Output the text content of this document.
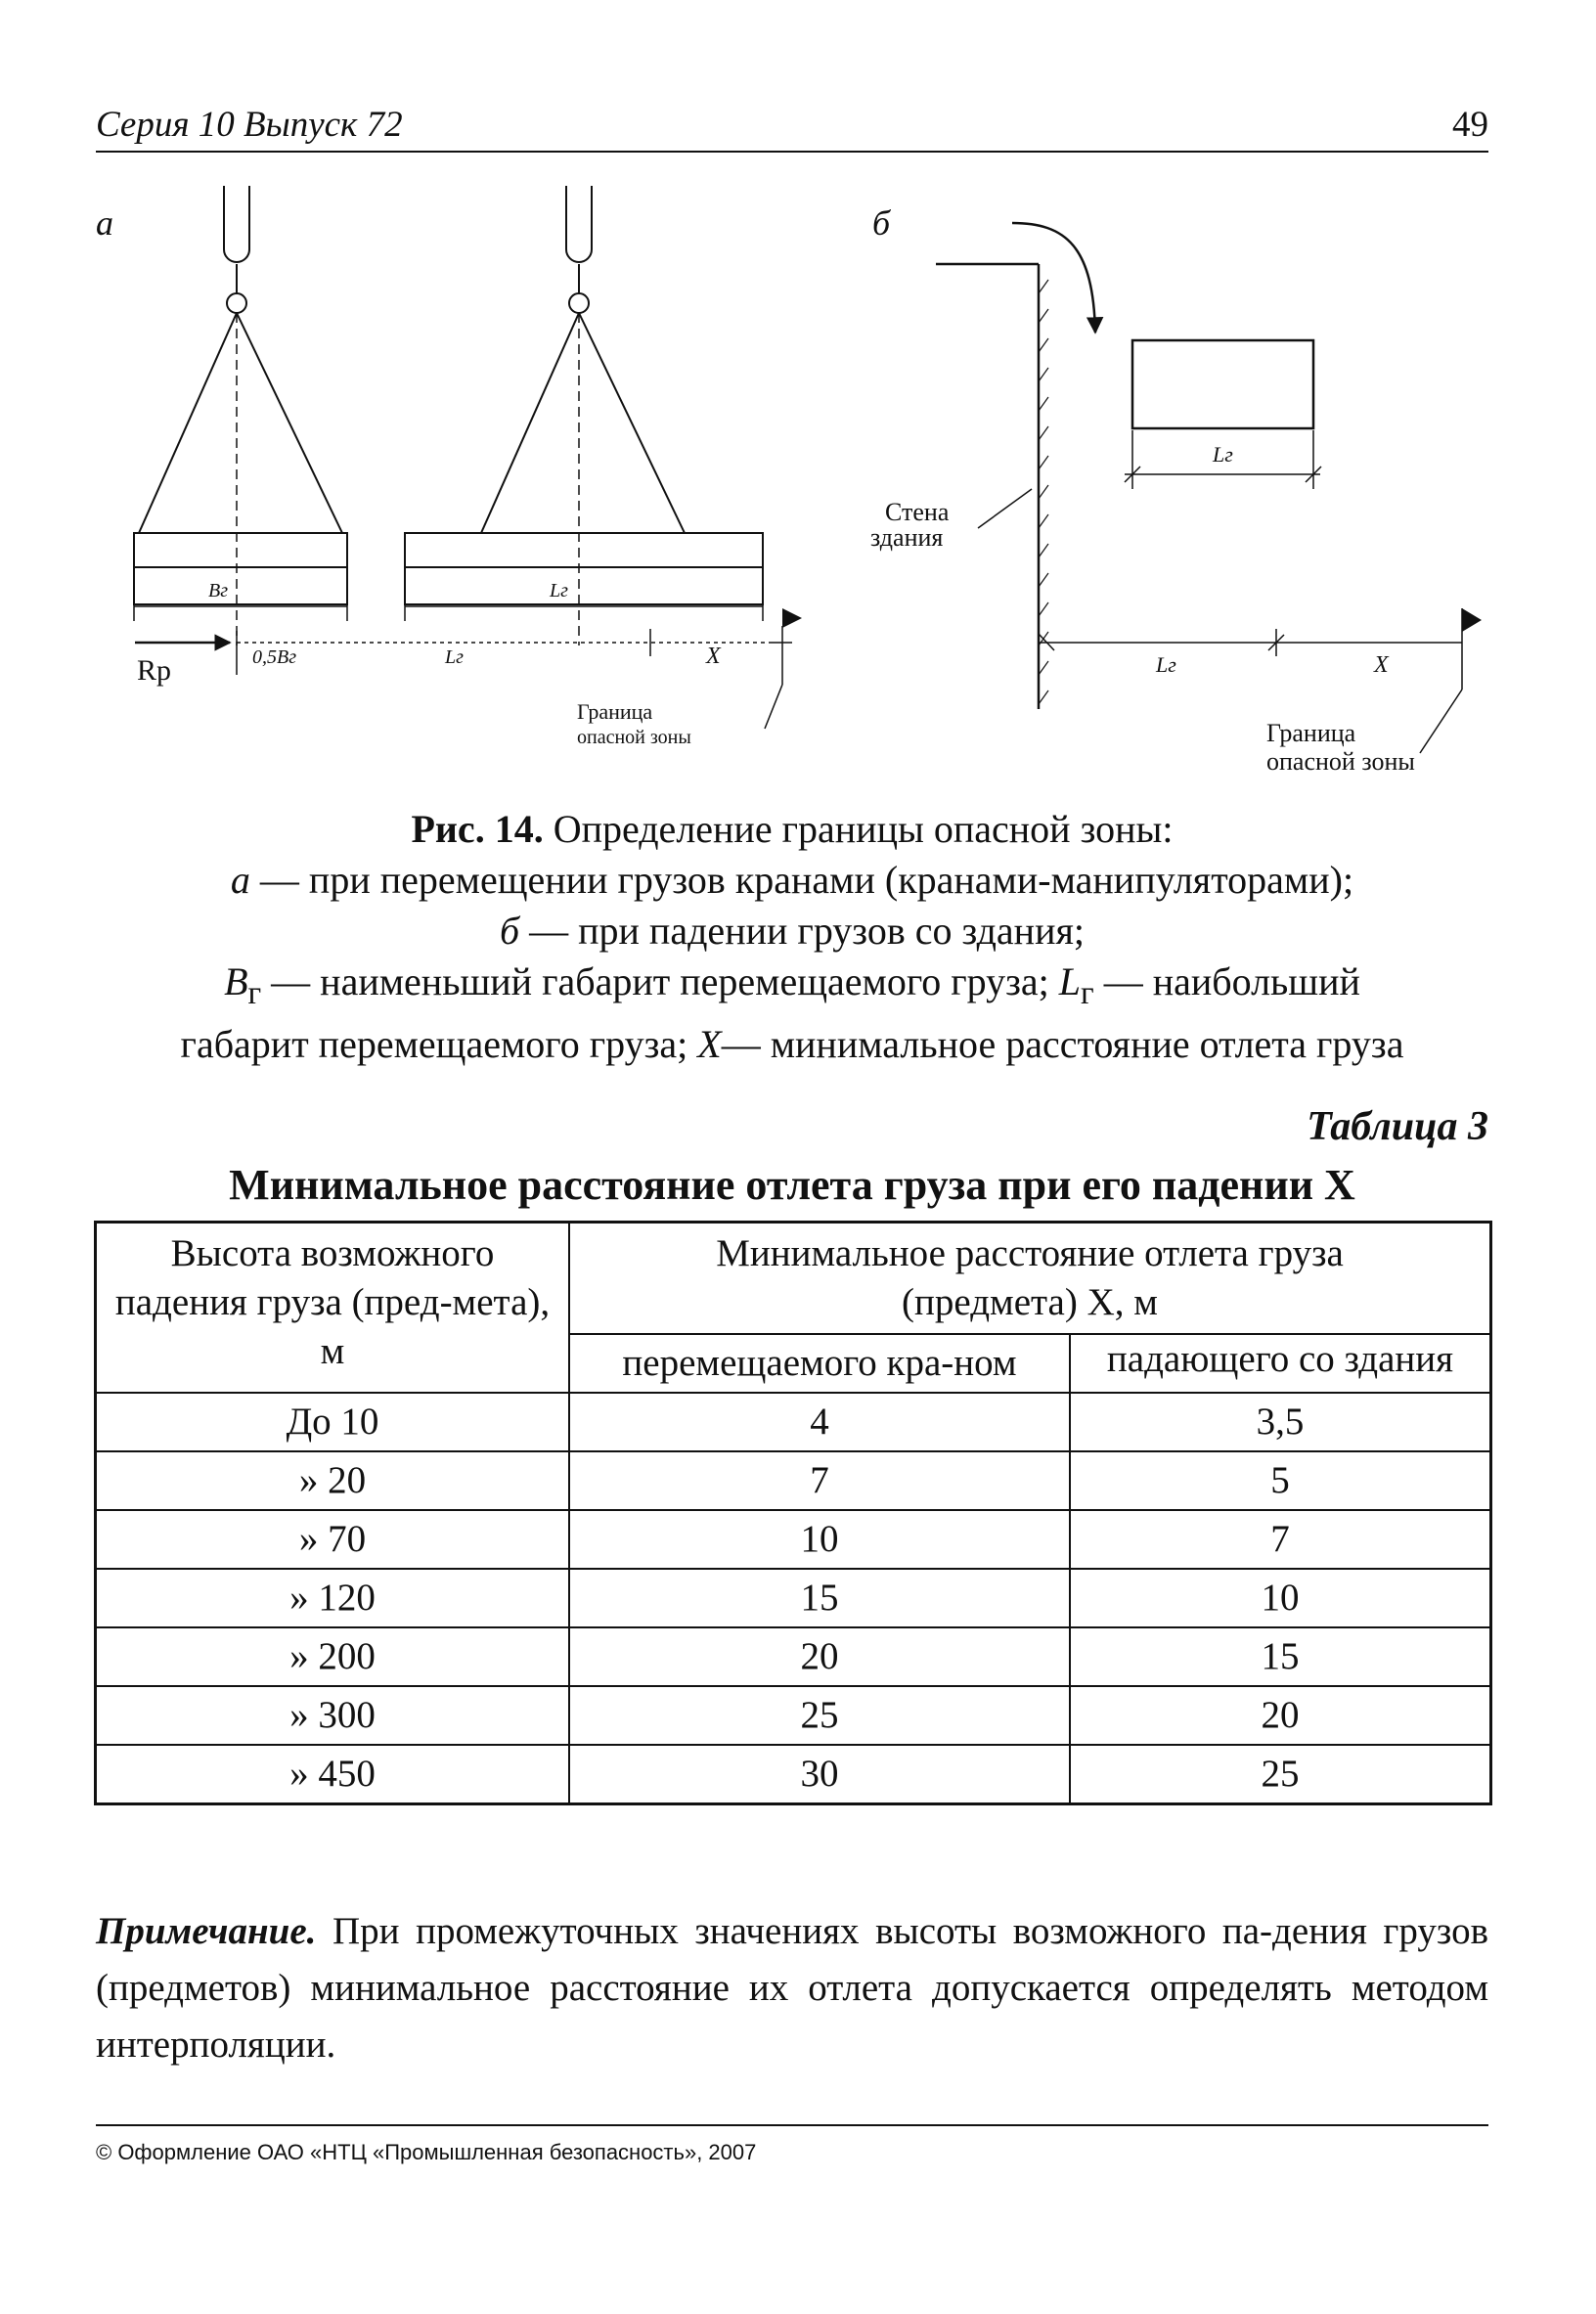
Серия 10 Выпуск 72	49
а
Вг	Lг
Rp	0,5Вг	Lг	X
Граница
опасной зоны
б
Lг
Стена
здания
Lг	X
Граница
опасной зоны
Рис. 14. Определение границы опасной зоны:
а — при перемещении грузов кранами (кранами-манипуляторами);
б — при падении грузов со здания;
$B_г$ — наименьший габарит перемещаемого груза; $L_г$ — наибольший
габарит перемещаемого груза; X— минимальное расстояние отлета груза
Таблица 3
Минимальное расстояние отлета груза при его падении X
Высота возможного падения груза (пред-мета), м	Минимальное расстояние отлета груза (предмета) X, м	
	перемещаемого кра-ном	падающего со здания
До 10	4	3,5
» 20	7	5
» 70	10	7
» 120	15	10
» 200	20	15
» 300	25	20
» 450	30	25
Примечание. При промежуточных значениях высоты возможного па-дения грузов (предметов) минимальное расстояние их отлета допускается определять методом интерполяции.
© Оформление ОАО «НТЦ «Промышленная безопасность», 2007
